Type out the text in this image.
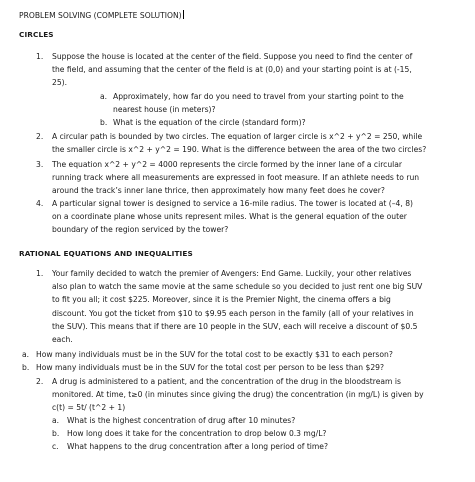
PROBLEM SOLVING (COMPLETE SOLUTION)
CIRCLES
1. Suppose the house is located at the center of the field. Suppose you need to find the center of
the field, and assuming that the center of the field is at (0,0) and your starting point is at (-15,
25).
a. Approximately, how far do you need to travel from your starting point to the
nearest house (in meters)?
b. What is the equation of the circle (standard form)?
2. A circular path is bounded by two circles. The equation of larger circle is x^2 + y^2 = 250, while
the smaller circle is x^2 + y^2 = 190. What is the difference between the area of the two circles?
3. The equation x^2 + y^2 = 4000 represents the circle formed by the inner lane of a circular
running track where all measurements are expressed in foot measure. If an athlete needs to run
around the track’s inner lane thrice, then approximately how many feet does he cover?
4. A particular signal tower is designed to service a 16-mile radius. The tower is located at (–4, 8)
on a coordinate plane whose units represent miles. What is the general equation of the outer
boundary of the region serviced by the tower?
RATIONAL EQUATIONS AND INEQUALITIES
1. Your family decided to watch the premier of Avengers: End Game. Luckily, your other relatives
also plan to watch the same movie at the same schedule so you decided to just rent one big SUV
to fit you all; it cost $225. Moreover, since it is the Premier Night, the cinema offers a big
discount. You got the ticket from $10 to $9.95 each person in the family (all of your relatives in
the SUV). This means that if there are 10 people in the SUV, each will receive a discount of $0.5
each.
a. How many individuals must be in the SUV for the total cost to be exactly $31 to each person?
b. How many individuals must be in the SUV for the total cost per person to be less than $29?
2. A drug is administered to a patient, and the concentration of the drug in the bloodstream is
monitored. At time, t≥0 (in minutes since giving the drug) the concentration (in mg/L) is given by
c(t) = 5t/ (t^2 + 1)
a. What is the highest concentration of drug after 10 minutes?
b. How long does it take for the concentration to drop below 0.3 mg/L?
c. What happens to the drug concentration after a long period of time?
